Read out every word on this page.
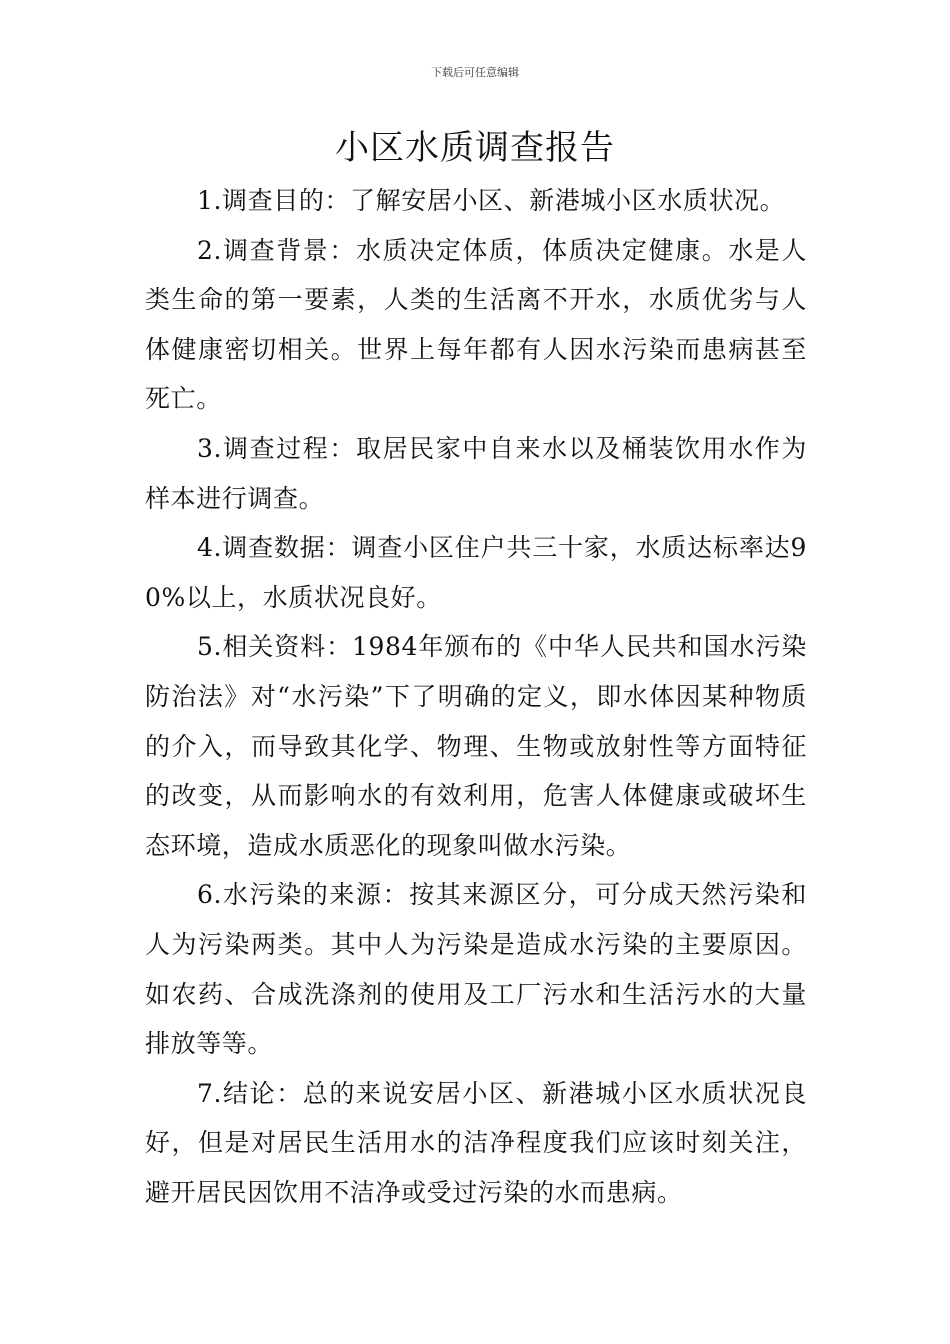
下载后可任意编辑
小区水质调查报告

1.调查目的：了解安居小区、新港城小区水质状况。

2.调查背景：水质决定体质，体质决定健康。水是人类生命的第一要素，人类的生活离不开水，水质优劣与人体健康密切相关。世界上每年都有人因水污染而患病甚至死亡。

3.调查过程：取居民家中自来水以及桶装饮用水作为样本进行调查。

4.调查数据：调查小区住户共三十家，水质达标率达90%以上，水质状况良好。

5.相关资料：1984年颁布的《中华人民共和国水污染防治法》对“水污染”下了明确的定义，即水体因某种物质的介入，而导致其化学、物理、生物或放射性等方面特征的改变，从而影响水的有效利用，危害人体健康或破坏生态环境，造成水质恶化的现象叫做水污染。

6.水污染的来源：按其来源区分，可分成天然污染和人为污染两类。其中人为污染是造成水污染的主要原因。如农药、合成洗涤剂的使用及工厂污水和生活污水的大量排放等等。

7.结论：总的来说安居小区、新港城小区水质状况良好，但是对居民生活用水的洁净程度我们应该时刻关注，避开居民因饮用不洁净或受过污染的水而患病。
